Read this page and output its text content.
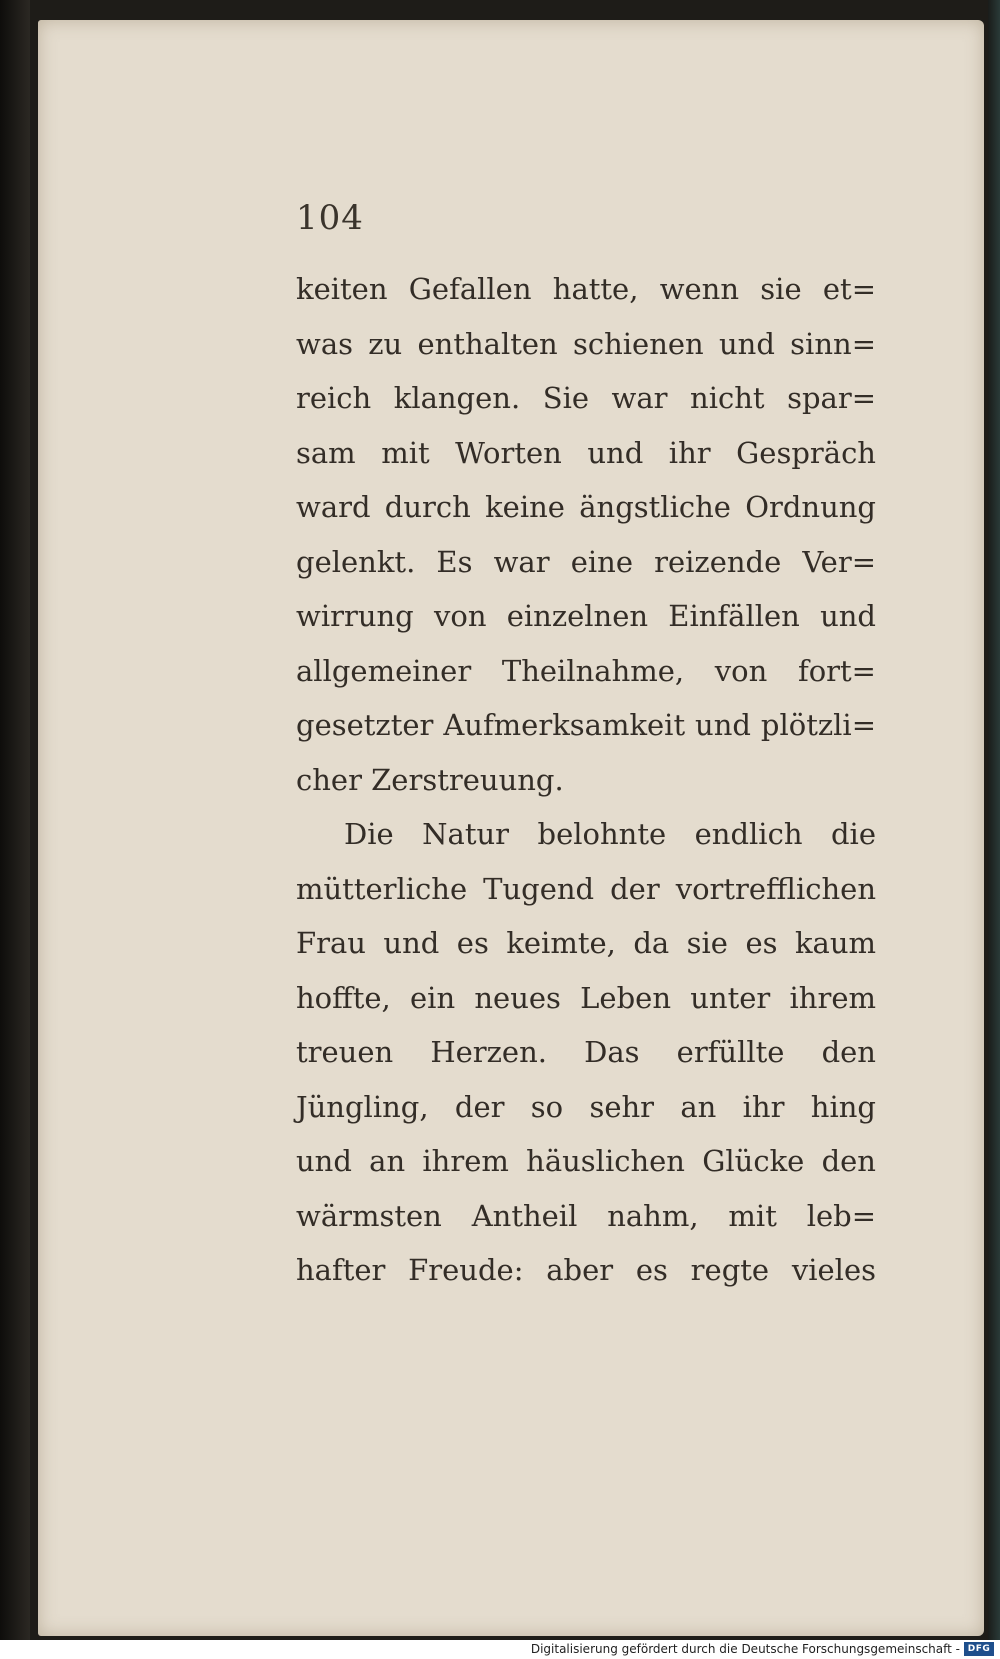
104
keiten Gefallen hatte, wenn sie et=
was zu enthalten schienen und sinn=
reich klangen. Sie war nicht spar=
sam mit Worten und ihr Gespräch
ward durch keine ängstliche Ordnung
gelenkt. Es war eine reizende Ver=
wirrung von einzelnen Einfällen und
allgemeiner Theilnahme, von fort=
gesetzter Aufmerksamkeit und plötzli=
cher Zerstreuung.
Die Natur belohnte endlich die
mütterliche Tugend der vortrefflichen
Frau und es keimte, da sie es kaum
hoffte, ein neues Leben unter ihrem
treuen Herzen. Das erfüllte den
Jüngling, der so sehr an ihr hing
und an ihrem häuslichen Glücke den
wärmsten Antheil nahm, mit leb=
hafter Freude: aber es regte vieles
Digitalisierung gefördert durch die Deutsche Forschungsgemeinschaft - DFG
